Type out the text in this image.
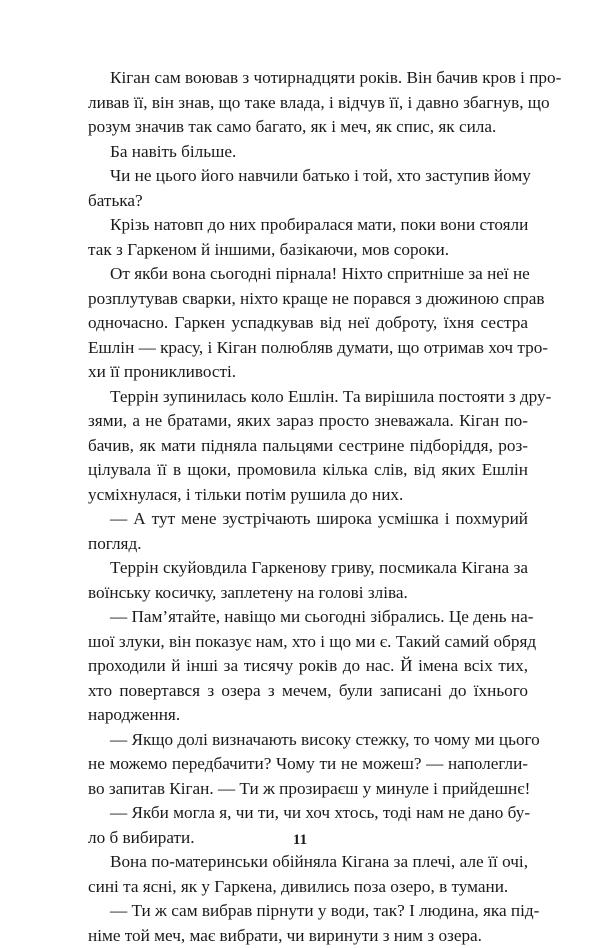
Кіган сам воював з чотирнадцяти років. Він бачив кров і про-
ливав її, він знав, що таке влада, і відчув її, і давно збагнув, що
розум значив так само багато, як і меч, як спис, як сила.
Ба навіть більше.
Чи не цього його навчили батько і той, хто заступив йому
батька?
Крізь натовп до них пробиралася мати, поки вони стояли
так з Гаркеном й іншими, базікаючи, мов сороки.
От якби вона сьогодні пірнала! Ніхто спритніше за неї не
розплутував сварки, ніхто краще не порався з дюжиною справ
одночасно. Гаркен успадкував від неї доброту, їхня сестра
Ешлін — красу, і Кіган полюбляв думати, що отримав хоч тро-
хи її проникливості.
Террін зупинилась коло Ешлін. Та вирішила постояти з дру-
зями, а не братами, яких зараз просто зневажала. Кіган по-
бачив, як мати підняла пальцями сестрине підборіддя, роз-
цілувала її в щоки, промовила кілька слів, від яких Ешлін
усміхнулася, і тільки потім рушила до них.
— А тут мене зустрічають широка усмішка і похмурий
погляд.
Террін скуйовдила Гаркенову гриву, посмикала Кігана за
воїнську косичку, заплетену на голові зліва.
— Пам’ятайте, навіщо ми сьогодні зібрались. Це день на-
шої злуки, він показує нам, хто і що ми є. Такий самий обряд
проходили й інші за тисячу років до нас. Й імена всіх тих,
хто повертався з озера з мечем, були записані до їхнього
народження.
— Якщо долі визначають високу стежку, то чому ми цього
не можемо передбачити? Чому ти не можеш? — наполегли-
во запитав Кіган. — Ти ж прозираєш у минуле і прийдешнє!
— Якби могла я, чи ти, чи хоч хтось, тоді нам не дано бу-
ло б вибирати.
Вона по-материнськи обійняла Кігана за плечі, але її очі,
сині та ясні, як у Гаркена, дивились поза озеро, в тумани.
— Ти ж сам вибрав пірнути у води, так? І людина, яка під-
німе той меч, має вибрати, чи виринути з ним з озера.
11
